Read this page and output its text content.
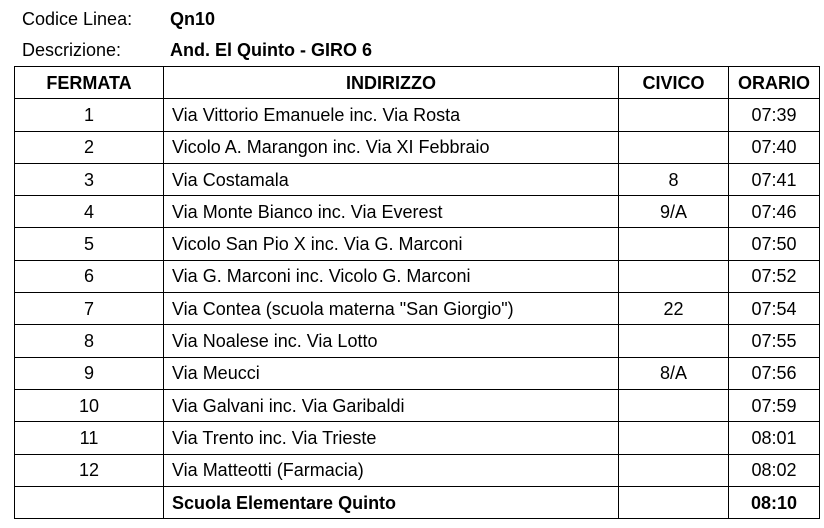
Codice Linea: Qn10
Descrizione:	And. El Quinto - GIRO 6
FERMATA	INDIRIZZO	CIVICO	ORARIO
1	Via Vittorio Emanuele inc. Via Rosta		07:39
2	Vicolo A. Marangon inc. Via XI Febbraio		07:40
3	Via Costamala	8	07:41
4	Via Monte Bianco inc. Via Everest	9/A	07:46
5	Vicolo San Pio X inc. Via G. Marconi		07:50
6	Via G. Marconi inc. Vicolo G. Marconi		07:52
7	Via Contea (scuola materna "San Giorgio")	22	07:54
8	Via Noalese inc. Via Lotto		07:55
9	Via Meucci	8/A	07:56
10	Via Galvani inc. Via Garibaldi		07:59
11	Via Trento inc. Via Trieste		08:01
12	Via Matteotti (Farmacia)		08:02
	Scuola Elementare Quinto		08:10
